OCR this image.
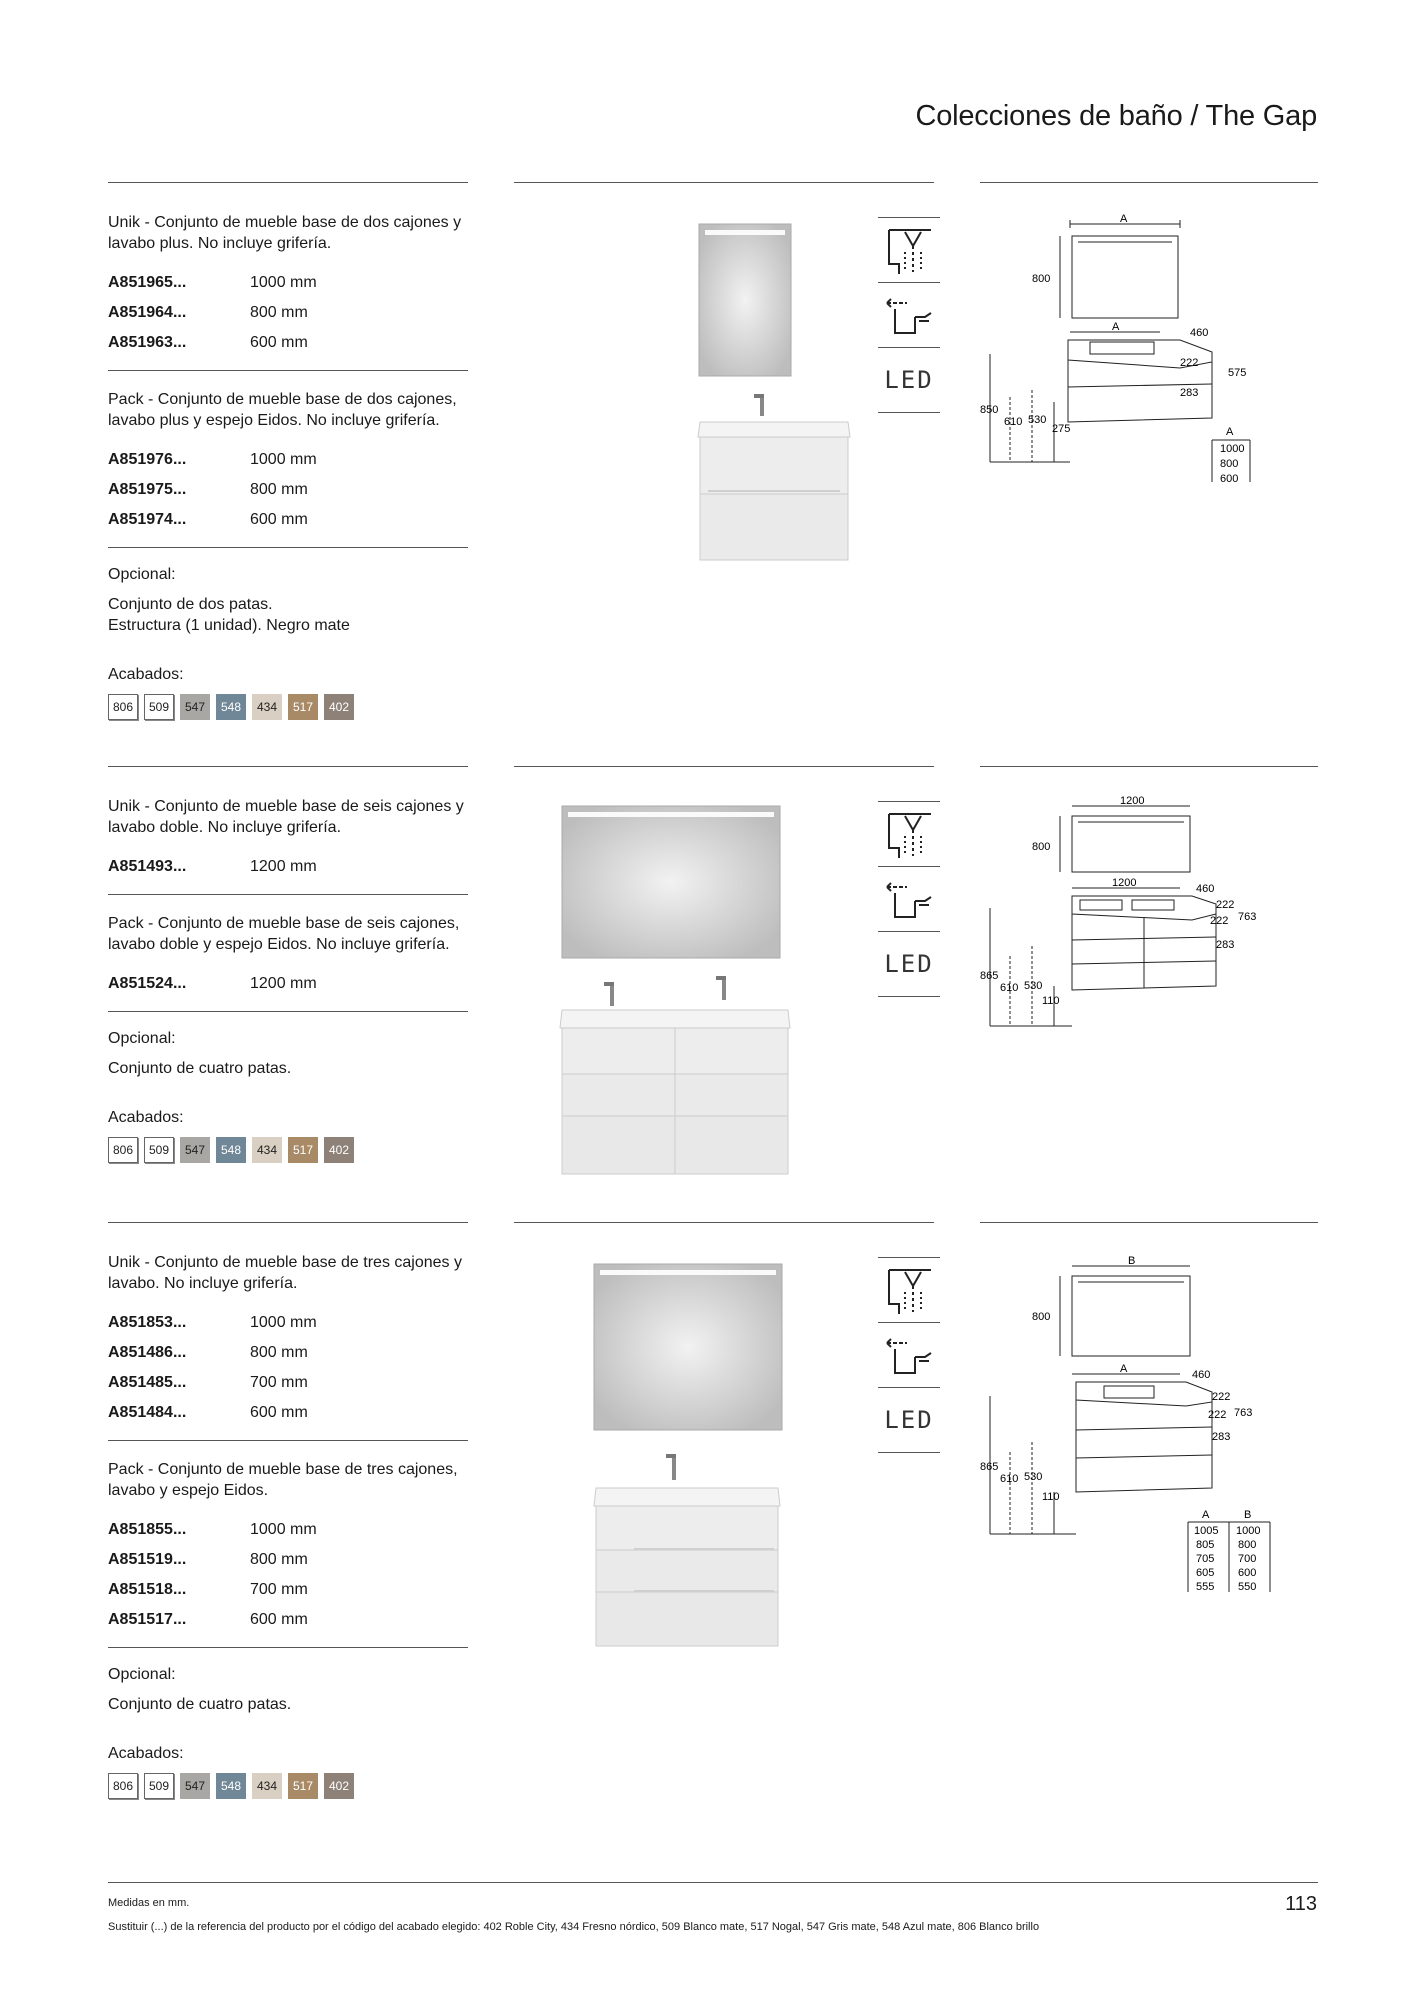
Colecciones de baño / The Gap
Unik - Conjunto de mueble base de dos cajones y lavabo plus. No incluye grifería.
A851965...	1000 mm
A851964...	800 mm
A851963...	600 mm
Pack - Conjunto de mueble base de dos cajones, lavabo plus y espejo Eidos. No incluye grifería.
A851976...	1000 mm
A851975...	800 mm
A851974...	600 mm
Opcional:
Conjunto de dos patas.
Estructura (1 unidad). Negro mate
Acabados:
806	509	547	548	434	517	402
LED
A
800
A	460
222
575
283
850
610 530
275	A
1000
800
600
Unik - Conjunto de mueble base de seis cajones y lavabo doble. No incluye grifería.
A851493...	1200 mm
Pack - Conjunto de mueble base de seis cajones, lavabo doble y espejo Eidos. No incluye grifería.
A851524...	1200 mm
Opcional:
Conjunto de cuatro patas.
Acabados:
806	509	547	548	434	517	402
LED
1200
800
1200	460
222
222 763
283
865
610 530
110
Unik - Conjunto de mueble base de tres cajones y lavabo. No incluye grifería.
A851853...	1000 mm
A851486...	800 mm
A851485...	700 mm
A851484...	600 mm
Pack - Conjunto de mueble base de tres cajones, lavabo y espejo Eidos.
A851855...	1000 mm
A851519...	800 mm
A851518...	700 mm
A851517...	600 mm
Opcional:
Conjunto de cuatro patas.
Acabados:
806	509	547	548	434	517	402
LED
B
800
A	460
222
222 763
283
865
610 530
110
A	B
1005 1000
805 800
705 700
605 600
555 550
Medidas en mm.
Sustituir (...) de la referencia del producto por el código del acabado elegido: 402 Roble City, 434 Fresno nórdico, 509 Blanco mate, 517 Nogal, 547 Gris mate, 548 Azul mate, 806 Blanco brillo
113
